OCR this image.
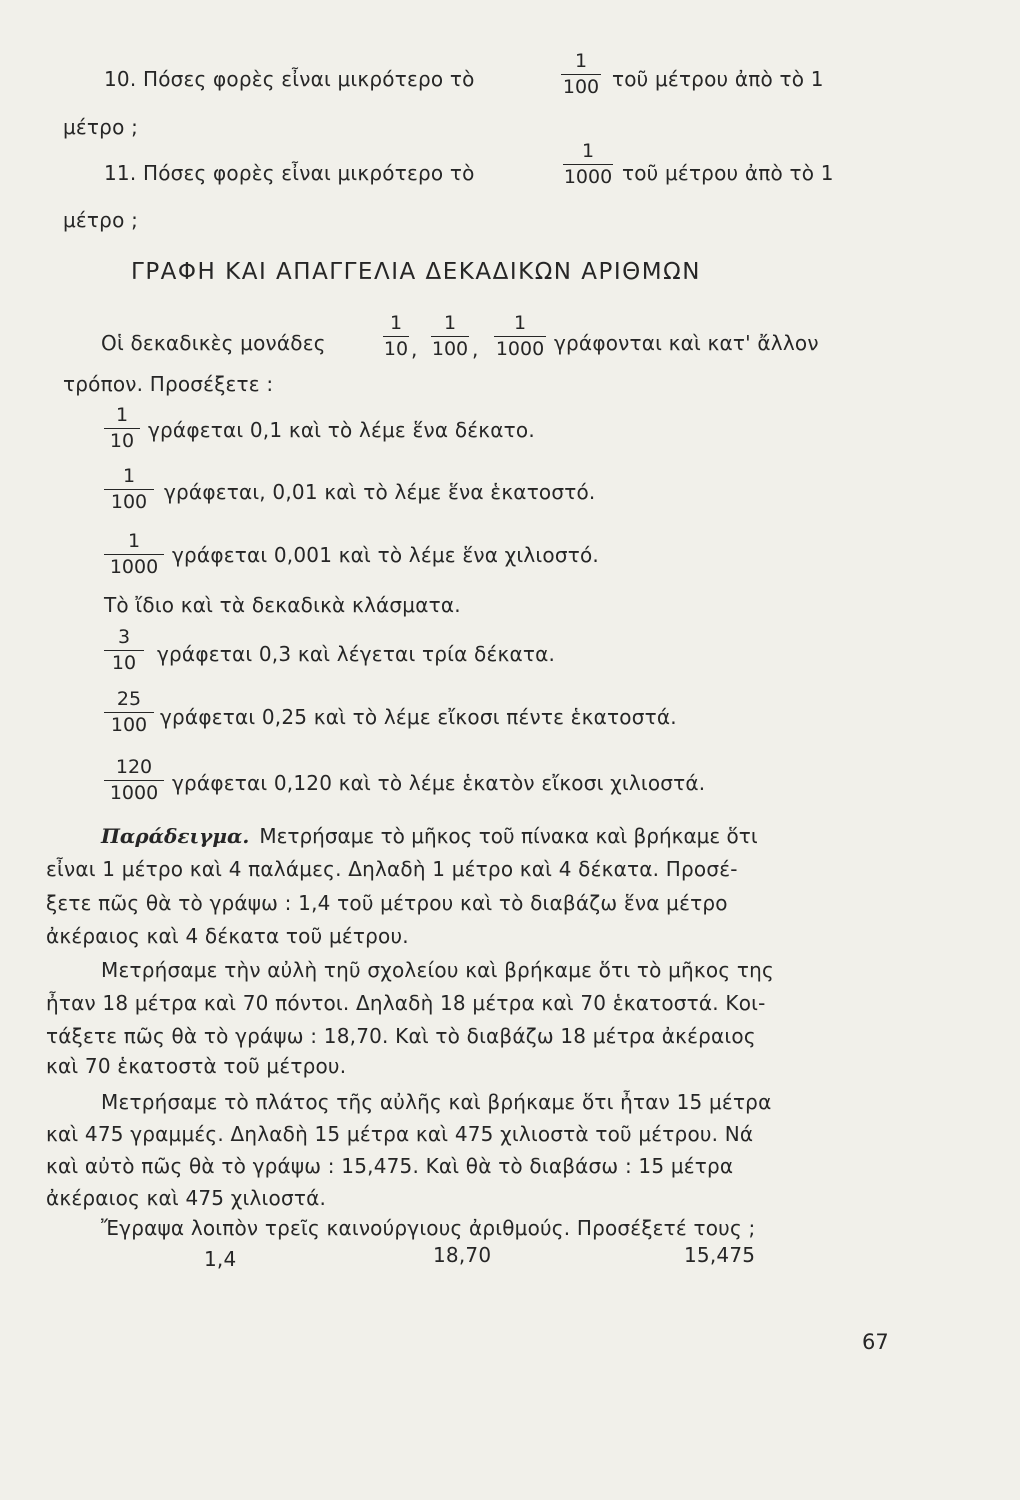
10. Πόσες φορὲς εἶναι μικρότερο τὸ
1
100 τοῦ μέτρου ἀπὸ τὸ 1
μέτρο ;
11. Πόσες φορὲς εἶναι μικρότερο τὸ
1
1000 τοῦ μέτρου ἀπὸ τὸ 1
μέτρο ;
ΓΡΑΦΗ ΚΑΙ ΑΠΑΓΓΕΛΙΑ ΔΕΚΑΔΙΚΩΝ ΑΡΙΘΜΩΝ
Οἱ δεκαδικὲς μονάδες
1
10 ,
1
100 ,
1
1000 γράφονται καὶ κατ' ἄλλον
τρόπον. Προσέξετε :
1
10 γράφεται 0,1 καὶ τὸ λέμε ἕνα δέκατο.
1
100 γράφεται, 0,01 καὶ τὸ λέμε ἕνα ἑκατοστό.
1
1000 γράφεται 0,001 καὶ τὸ λέμε ἕνα χιλιοστό.
Τὸ ἴδιο καὶ τὰ δεκαδικὰ κλάσματα.
3
10	γράφεται 0,3 καὶ λέγεται τρία δέκατα.
25
100 γράφεται 0,25 καὶ τὸ λέμε εἴκοσι πέντε ἑκατοστά.
120
1000 γράφεται 0,120 καὶ τὸ λέμε ἑκατὸν εἴκοσι χιλιοστά.
Παράδειγμα. Μετρήσαμε τὸ μῆκος τοῦ πίνακα καὶ βρήκαμε ὅτι
εἶναι 1 μέτρο καὶ 4 παλάμες. Δηλαδὴ 1 μέτρο καὶ 4 δέκατα. Προσέ-
ξετε πῶς θὰ τὸ γράψω : 1,4 τοῦ μέτρου καὶ τὸ διαβάζω ἕνα μέτρο
ἀκέραιος καὶ 4 δέκατα τοῦ μέτρου.
Μετρήσαμε τὴν αὐλὴ τηῦ σχολείου καὶ βρήκαμε ὅτι τὸ μῆκος της
ἦταν 18 μέτρα καὶ 70 πόντοι. Δηλαδὴ 18 μέτρα καὶ 70 ἑκατοστά. Κοι-
τάξετε πῶς θὰ τὸ γράψω : 18,70. Καὶ τὸ διαβάζω 18 μέτρα ἀκέραιος
καὶ 70 ἑκατοστὰ τοῦ μέτρου.
Μετρήσαμε τὸ πλάτος τῆς αὐλῆς καὶ βρήκαμε ὅτι ἦταν 15 μέτρα
καὶ 475 γραμμές. Δηλαδὴ 15 μέτρα καὶ 475 χιλιοστὰ τοῦ μέτρου. Νά
καὶ αὐτὸ πῶς θὰ τὸ γράψω : 15,475. Καὶ θὰ τὸ διαβάσω : 15 μέτρα
ἀκέραιος καὶ 475 χιλιοστά.
Ἔγραψα λοιπὸν τρεῖς καινούργιους ἀριθμούς. Προσέξετέ τους ;
1,4	18,70	15,475
67
